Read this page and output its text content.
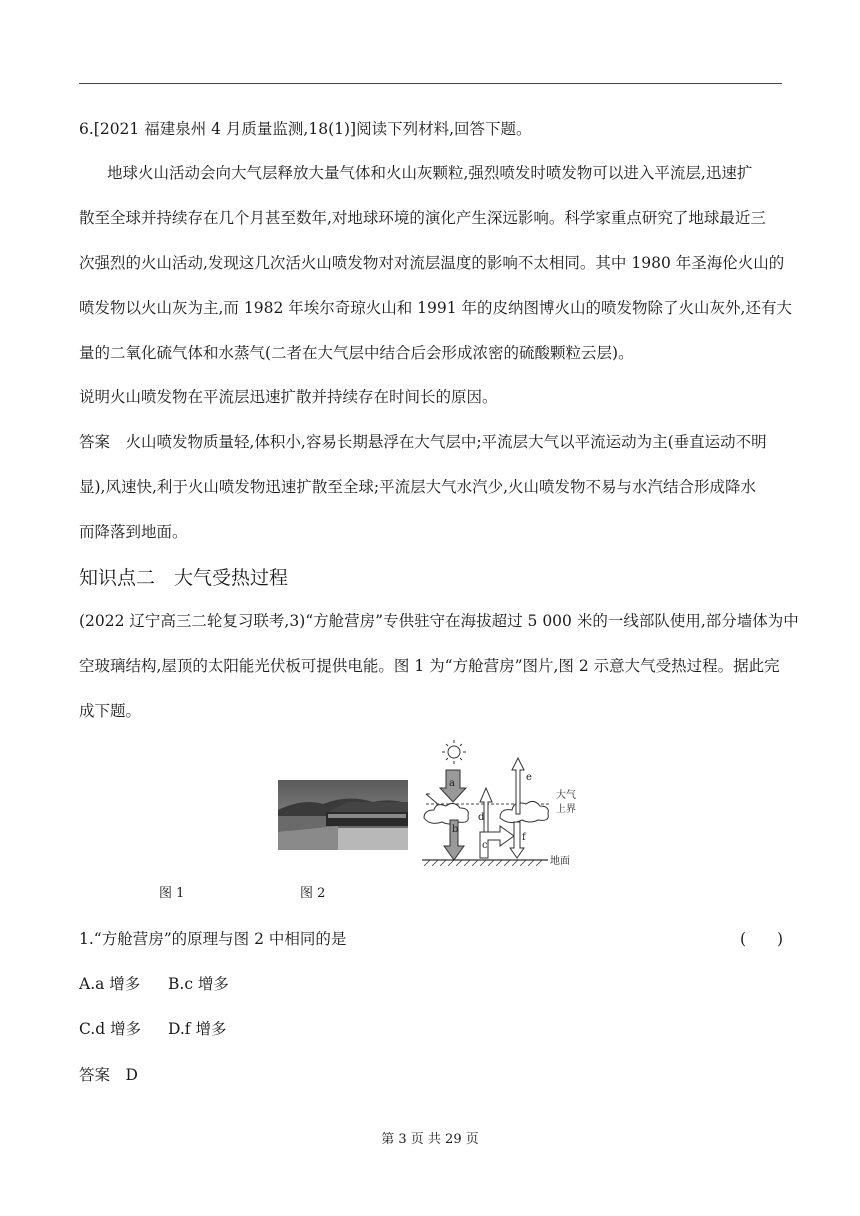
6.[2021 福建泉州 4 月质量监测,18(1)]阅读下列材料,回答下题。
地球火山活动会向大气层释放大量气体和火山灰颗粒,强烈喷发时喷发物可以进入平流层,迅速扩
散至全球并持续存在几个月甚至数年,对地球环境的演化产生深远影响。科学家重点研究了地球最近三
次强烈的火山活动,发现这几次活火山喷发物对对流层温度的影响不太相同。其中 1980 年圣海伦火山的
喷发物以火山灰为主,而 1982 年埃尔奇琼火山和 1991 年的皮纳图博火山的喷发物除了火山灰外,还有大
量的二氧化硫气体和水蒸气(二者在大气层中结合后会形成浓密的硫酸颗粒云层)。
说明火山喷发物在平流层迅速扩散并持续存在时间长的原因。
答案　火山喷发物质量轻,体积小,容易长期悬浮在大气层中;平流层大气以平流运动为主(垂直运动不明
显),风速快,利于火山喷发物迅速扩散至全球;平流层大气水汽少,火山喷发物不易与水汽结合形成降水
而降落到地面。
知识点二　大气受热过程
(2022 辽宁高三二轮复习联考,3)“方舱营房”专供驻守在海拔超过 5 000 米的一线部队使用,部分墙体为中
空玻璃结构,屋顶的太阳能光伏板可提供电能。图 1 为“方舱营房”图片,图 2 示意大气受热过程。据此完
成下题。
大气
上界
a
b
d
c
e
f
地面
图 1	图 2
1.“方舱营房”的原理与图 2 中相同的是	(　　)
A.a 增多 B.c 增多
C.d 增多 D.f 增多
答案　D
第 3 页 共 29 页
